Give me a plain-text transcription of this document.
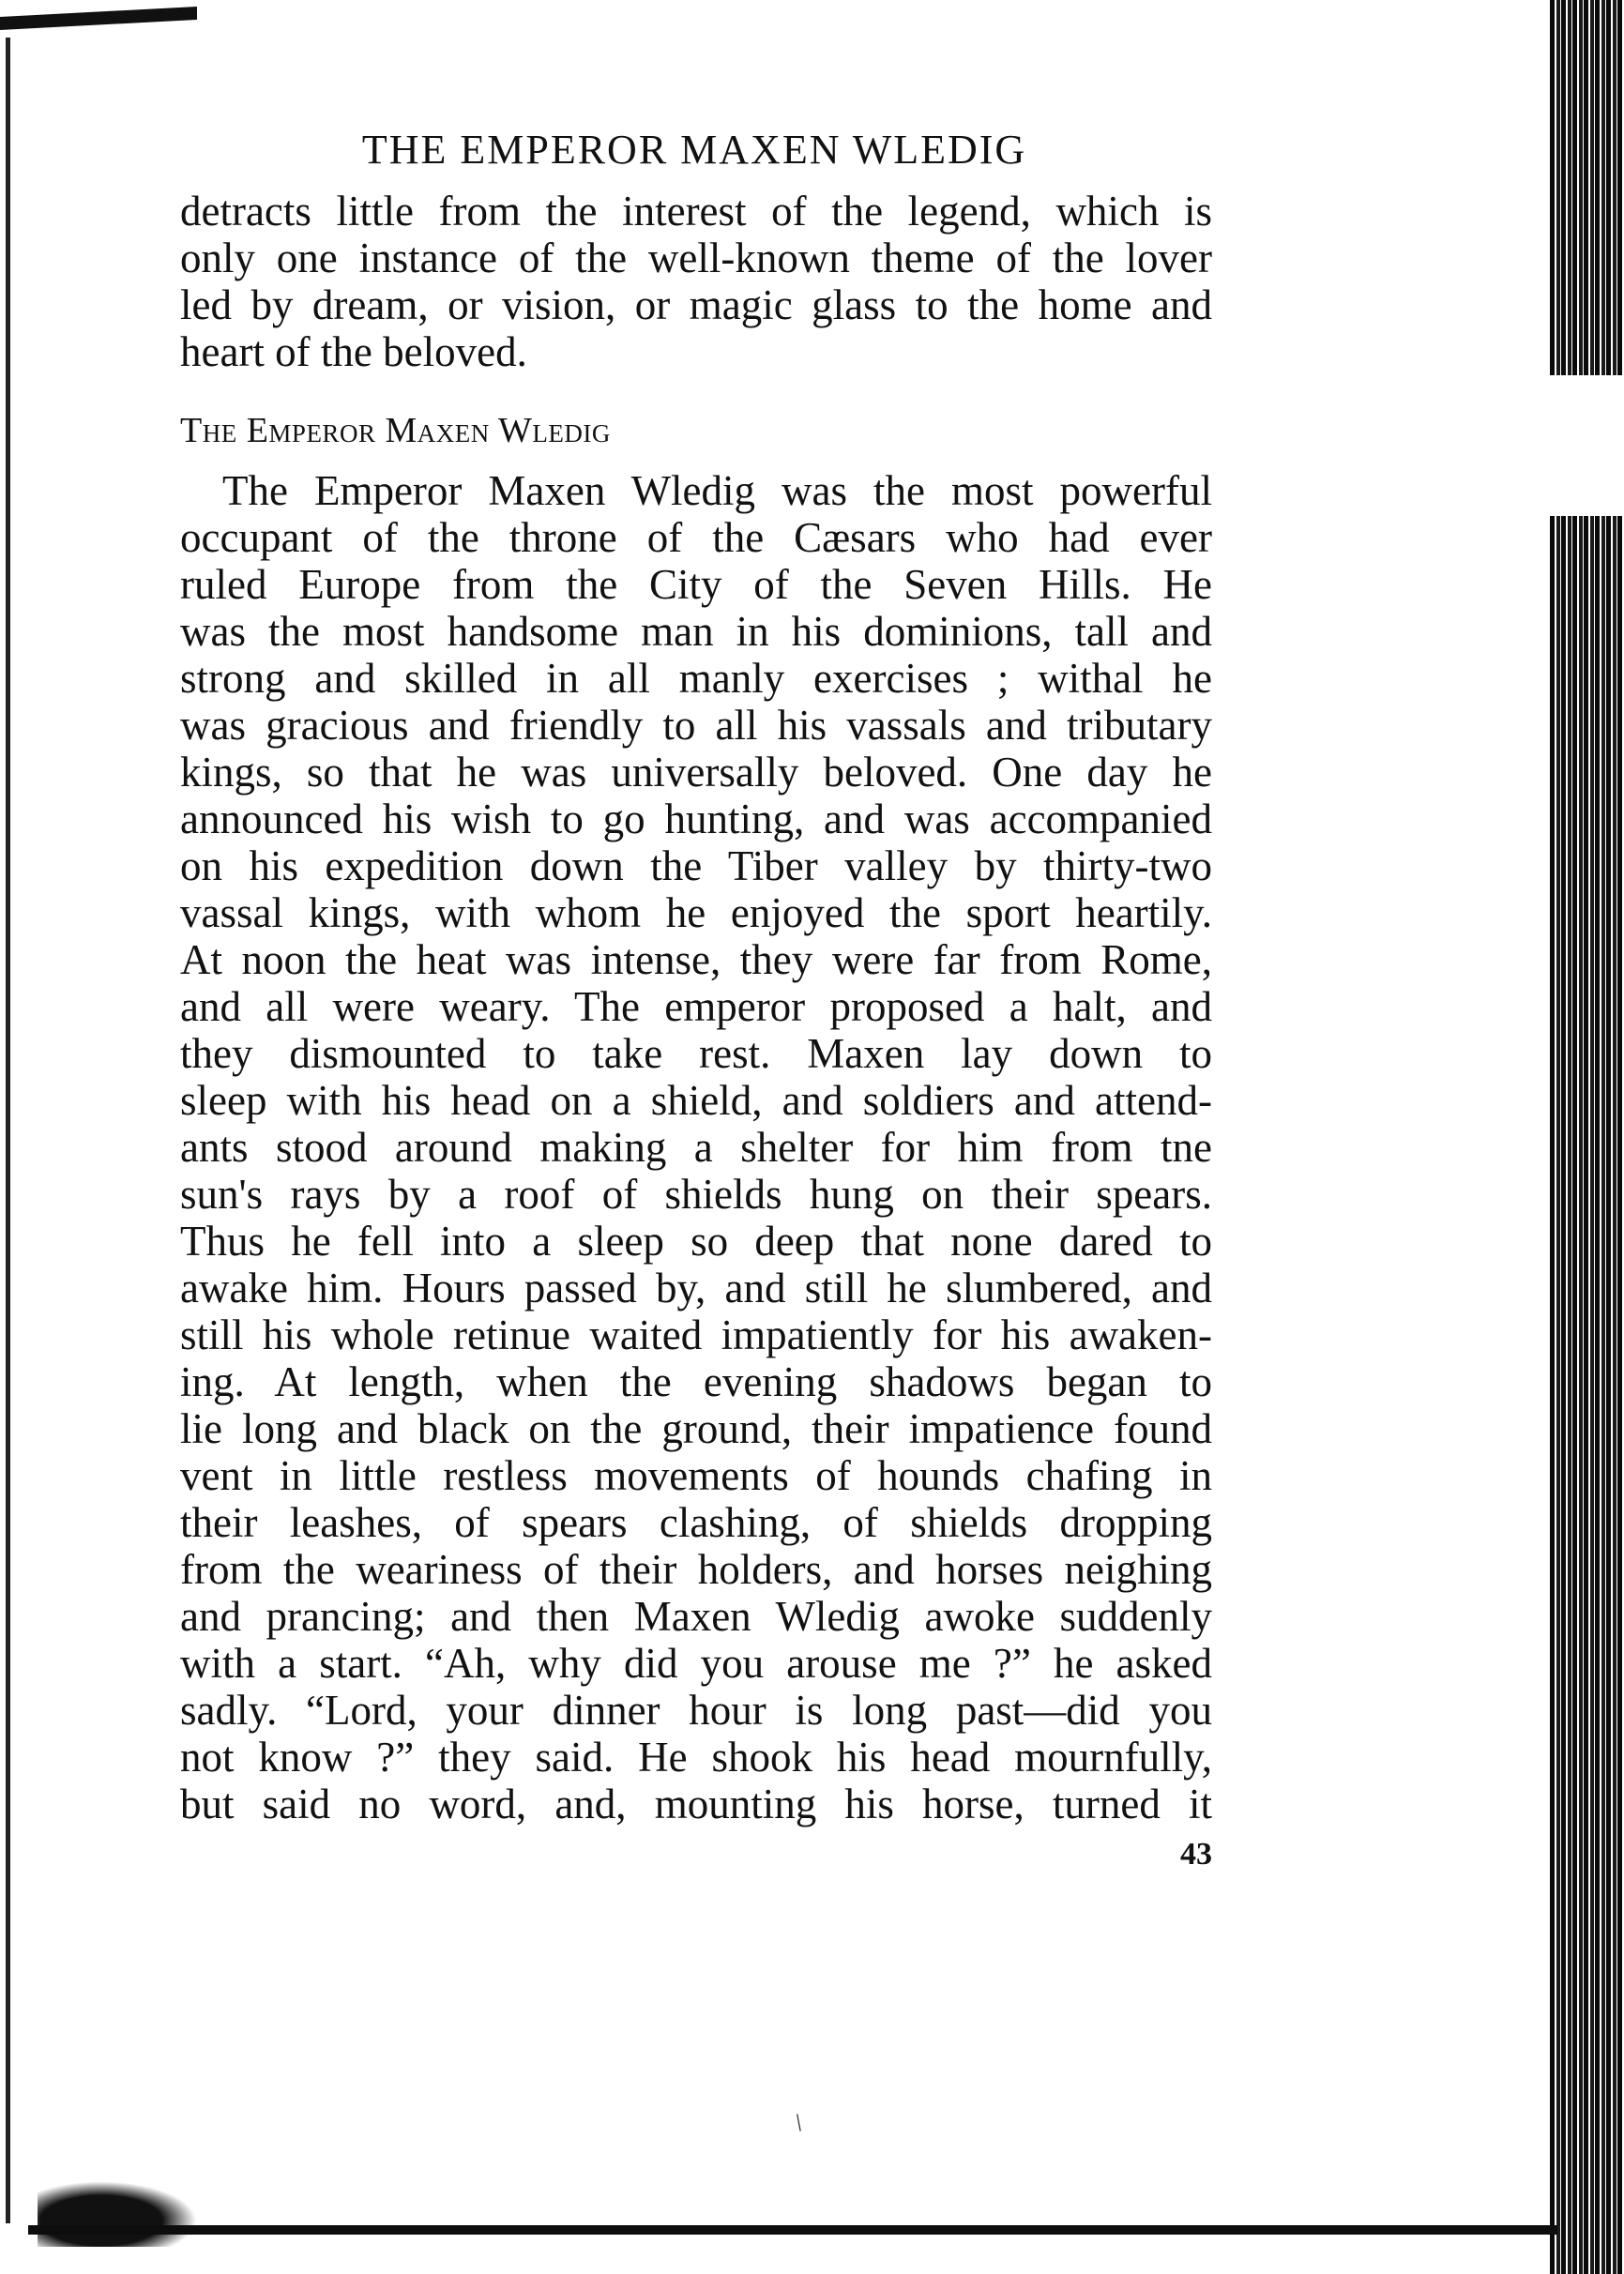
/
THE EMPEROR MAXEN WLEDIG
detracts little from the interest of the legend, which is
only one instance of the well-known theme of the lover
led by dream, or vision, or magic glass to the home and
heart of the beloved.
The Emperor Maxen Wledig
The Emperor Maxen Wledig was the most powerful
occupant of the throne of the Cæsars who had ever
ruled Europe from the City of the Seven Hills. He
was the most handsome man in his dominions, tall and
strong and skilled in all manly exercises ; withal he
was gracious and friendly to all his vassals and tributary
kings, so that he was universally beloved. One day he
announced his wish to go hunting, and was accompanied
on his expedition down the Tiber valley by thirty-two
vassal kings, with whom he enjoyed the sport heartily.
At noon the heat was intense, they were far from Rome,
and all were weary. The emperor proposed a halt, and
they dismounted to take rest. Maxen lay down to
sleep with his head on a shield, and soldiers and attend-
ants stood around making a shelter for him from tne
sun's rays by a roof of shields hung on their spears.
Thus he fell into a sleep so deep that none dared to
awake him. Hours passed by, and still he slumbered, and
still his whole retinue waited impatiently for his awaken-
ing. At length, when the evening shadows began to
lie long and black on the ground, their impatience found
vent in little restless movements of hounds chafing in
their leashes, of spears clashing, of shields dropping
from the weariness of their holders, and horses neighing
and prancing; and then Maxen Wledig awoke suddenly
with a start. “Ah, why did you arouse me ?” he asked
sadly. “Lord, your dinner hour is long past—did you
not know ?” they said. He shook his head mournfully,
but said no word, and, mounting his horse, turned it
43
